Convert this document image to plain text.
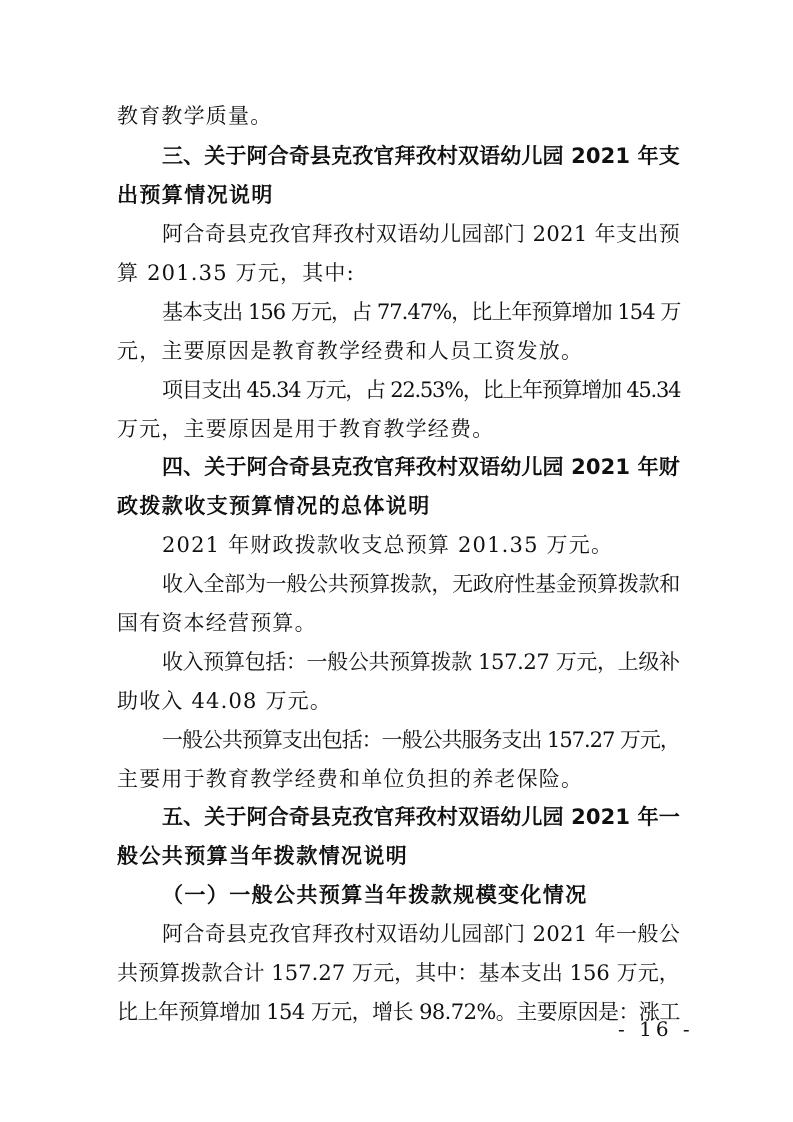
教育教学质量。
三、关于阿合奇县克孜官拜孜村双语幼儿园 2021 年支
出预算情况说明
阿合奇县克孜官拜孜村双语幼儿园部门 2021 年支出预
算 201.35 万元，其中:
基本支出 156 万元，占 77.47%，比上年预算增加 154 万
元，主要原因是教育教学经费和人员工资发放。
项目支出 45.34 万元，占 22.53%，比上年预算增加 45.34
万元，主要原因是用于教育教学经费。
四、关于阿合奇县克孜官拜孜村双语幼儿园 2021 年财
政拨款收支预算情况的总体说明
2021 年财政拨款收支总预算 201.35 万元。
收入全部为一般公共预算拨款，无政府性基金预算拨款和
国有资本经营预算。
收入预算包括：一般公共预算拨款 157.27 万元，上级补
助收入 44.08 万元。
一般公共预算支出包括：一般公共服务支出 157.27 万元，
主要用于教育教学经费和单位负担的养老保险。
五、关于阿合奇县克孜官拜孜村双语幼儿园 2021 年一
般公共预算当年拨款情况说明
（一）一般公共预算当年拨款规模变化情况
阿合奇县克孜官拜孜村双语幼儿园部门 2021 年一般公
共预算拨款合计 157.27 万元，其中：基本支出 156 万元，
比上年预算增加 154 万元，增长 98.72%。主要原因是：涨工
- 16 -
